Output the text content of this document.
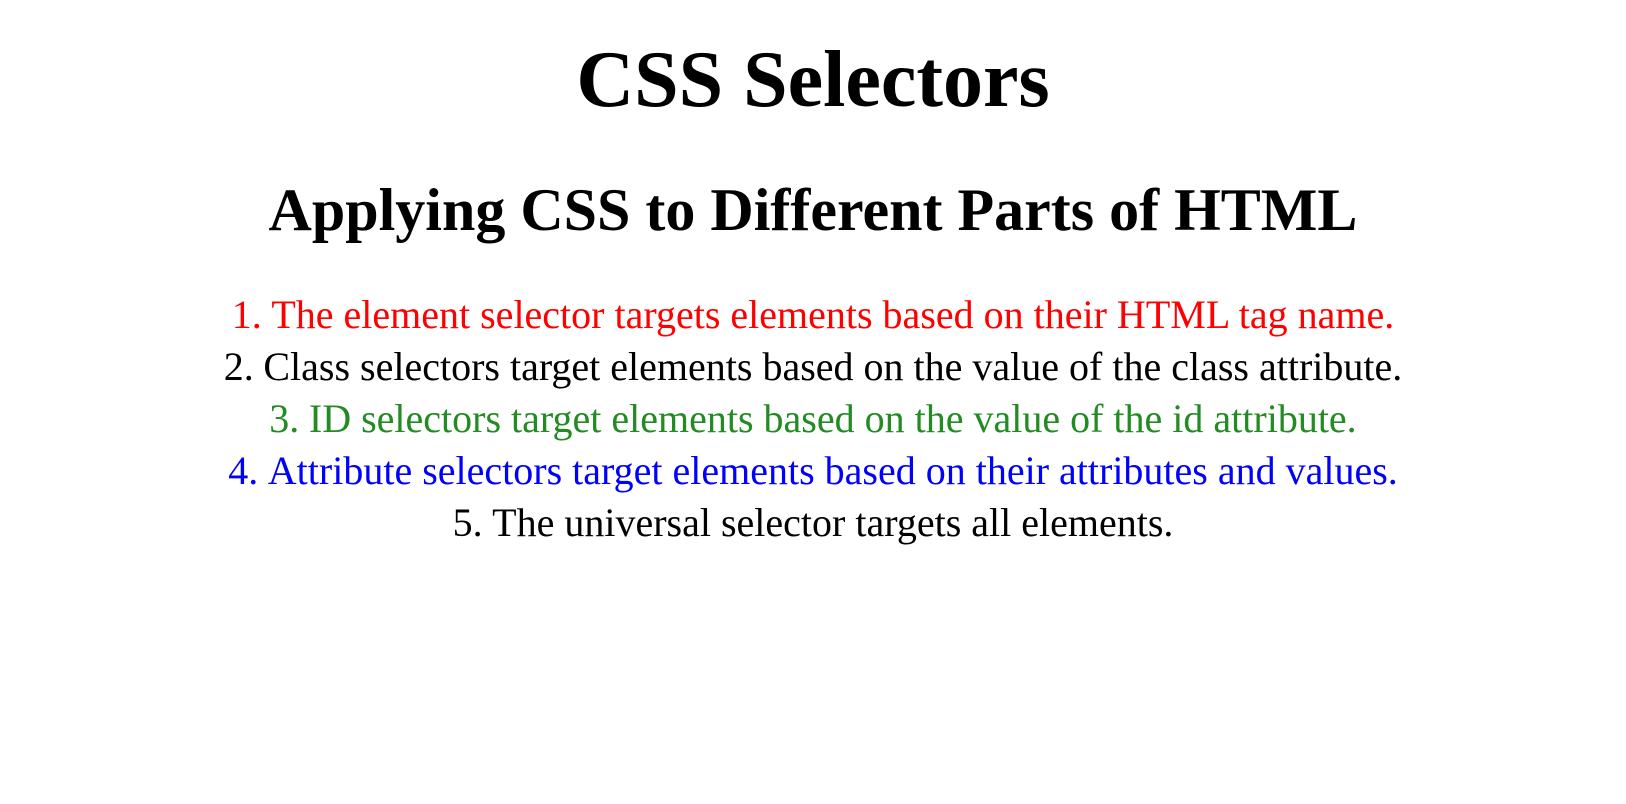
CSS Selectors
Applying CSS to Different Parts of HTML
1. The element selector targets elements based on their HTML tag name.
2. Class selectors target elements based on the value of the class attribute.
3. ID selectors target elements based on the value of the id attribute.
4. Attribute selectors target elements based on their attributes and values.
5. The universal selector targets all elements.
